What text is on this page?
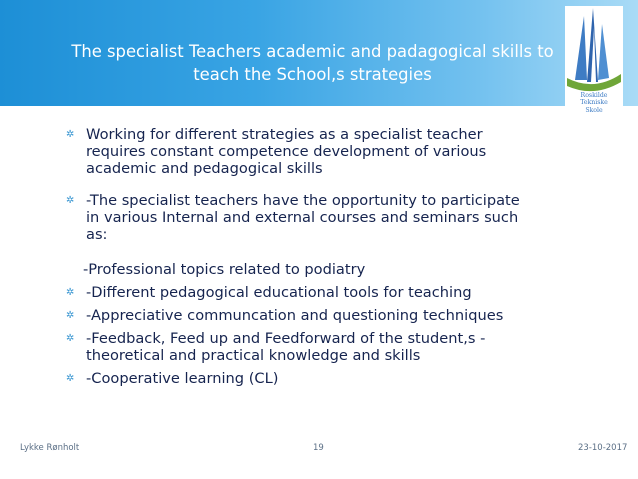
The specialist Teachers academic and padagogical skills to
teach the School,s strategies
Roskilde
Tekniske
Skole
✲ Working for different strategies as a specialist teacher
requires constant competence development of various
academic and pedagogical skills
✲ -The specialist teachers have the opportunity to participate
in various Internal and external courses and seminars such
as:
-Professional topics related to podiatry
✲ -Different pedagogical educational tools for teaching
✲ -Appreciative communcation and questioning techniques
✲ -Feedback, Feed up and Feedforward of the student,s -
theoretical and practical knowledge and skills
✲ -Cooperative learning (CL)
Lykke Rønholt	19	23-10-2017
